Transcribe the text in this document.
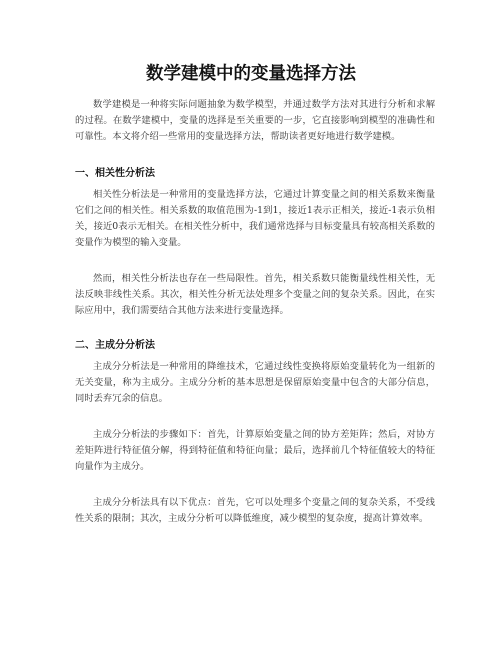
数学建模中的变量选择方法

数学建模是一种将实际问题抽象为数学模型，并通过数学方法对其进行分析和求解的过程。在数学建模中，变量的选择是至关重要的一步，它直接影响到模型的准确性和可靠性。本文将介绍一些常用的变量选择方法，帮助读者更好地进行数学建模。

一、相关性分析法

相关性分析法是一种常用的变量选择方法，它通过计算变量之间的相关系数来衡量它们之间的相关性。相关系数的取值范围为-1到1，接近1表示正相关，接近-1表示负相关，接近0表示无相关。在相关性分析中，我们通常选择与目标变量具有较高相关系数的变量作为模型的输入变量。

然而，相关性分析法也存在一些局限性。首先，相关系数只能衡量线性相关性，无法反映非线性关系。其次，相关性分析无法处理多个变量之间的复杂关系。因此，在实际应用中，我们需要结合其他方法来进行变量选择。

二、主成分分析法

主成分分析法是一种常用的降维技术，它通过线性变换将原始变量转化为一组新的无关变量，称为主成分。主成分分析的基本思想是保留原始变量中包含的大部分信息，同时丢弃冗余的信息。

主成分分析法的步骤如下：首先，计算原始变量之间的协方差矩阵；然后，对协方差矩阵进行特征值分解，得到特征值和特征向量；最后，选择前几个特征值较大的特征向量作为主成分。

主成分分析法具有以下优点：首先，它可以处理多个变量之间的复杂关系，不受线性关系的限制；其次，主成分分析可以降低维度，减少模型的复杂度，提高计算效率。
